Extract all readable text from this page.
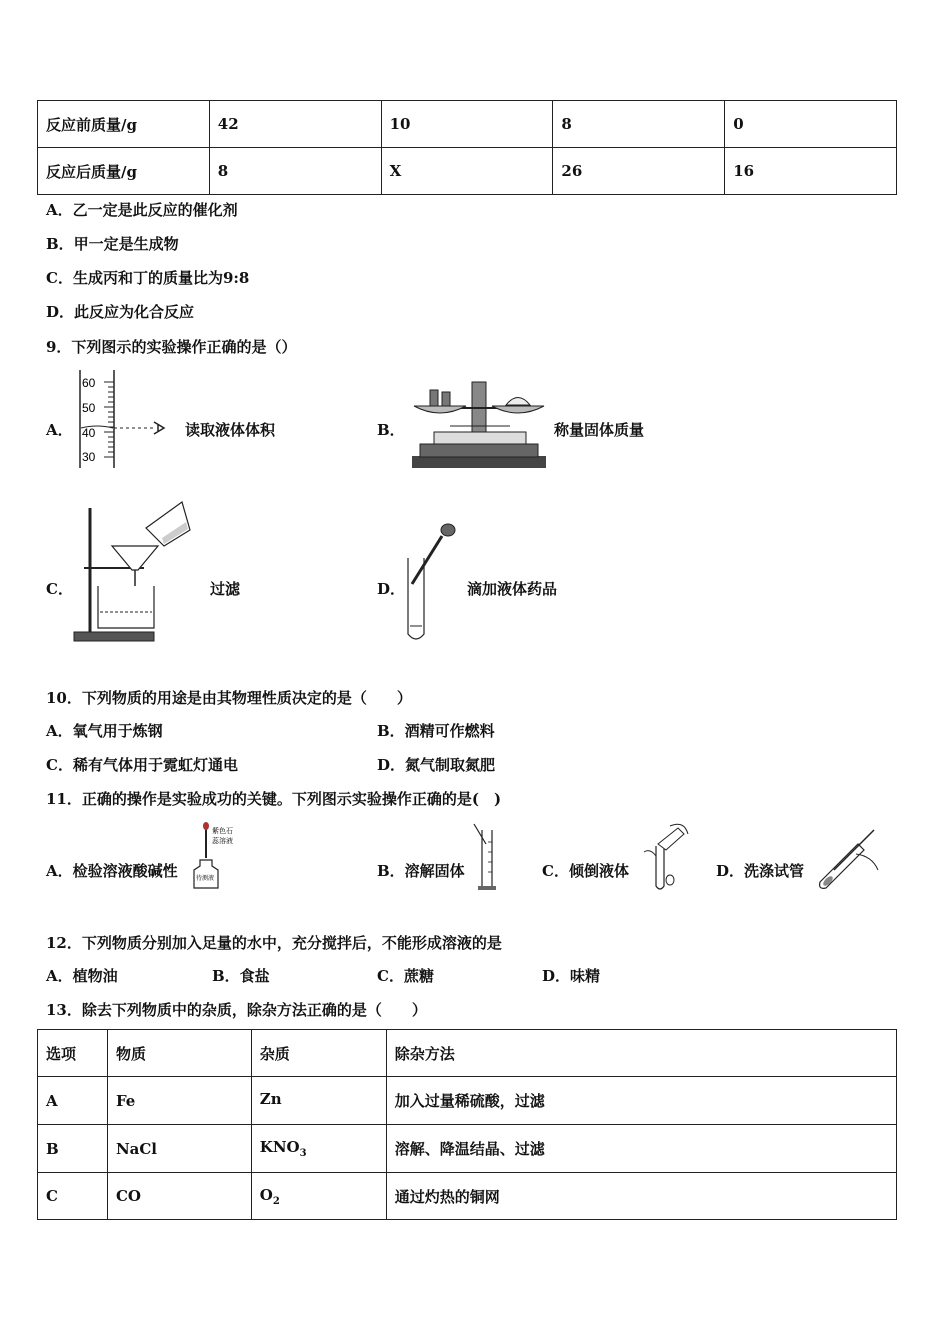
反应前质量/g	42	10	8	0
反应后质量/g	8	X	26	16
A．乙一定是此反应的催化剂
B．甲一定是生成物
C．生成丙和丁的质量比为9:8
D．此反应为化合反应
9．下列图示的实验操作正确的是（）
A．
60
50
40
30
读取液体体积	B．	称量固体质量
C．	过滤	D．	滴加液体药品
10．下列物质的用途是由其物理性质决定的是（　　）
A．氧气用于炼钢	B．酒精可作燃料
C．稀有气体用于霓虹灯通电	D．氮气制取氮肥
11．正确的操作是实验成功的关键。下列图示实验操作正确的是(　)
A．检验溶液酸碱性
紫色石
蕊溶液
待测液	B．溶解固体	C．倾倒液体	D．洗涤试管
12．下列物质分别加入足量的水中，充分搅拌后，不能形成溶液的是
A．植物油	B．食盐	C．蔗糖	D．味精
13．除去下列物质中的杂质，除杂方法正确的是（　　）
选项	物质	杂质	除杂方法
A	Fe	Zn	加入过量稀硫酸，过滤
B	NaCl	$KNO_3$	溶解、降温结晶、过滤
C	CO	$O_2$	通过灼热的铜网
